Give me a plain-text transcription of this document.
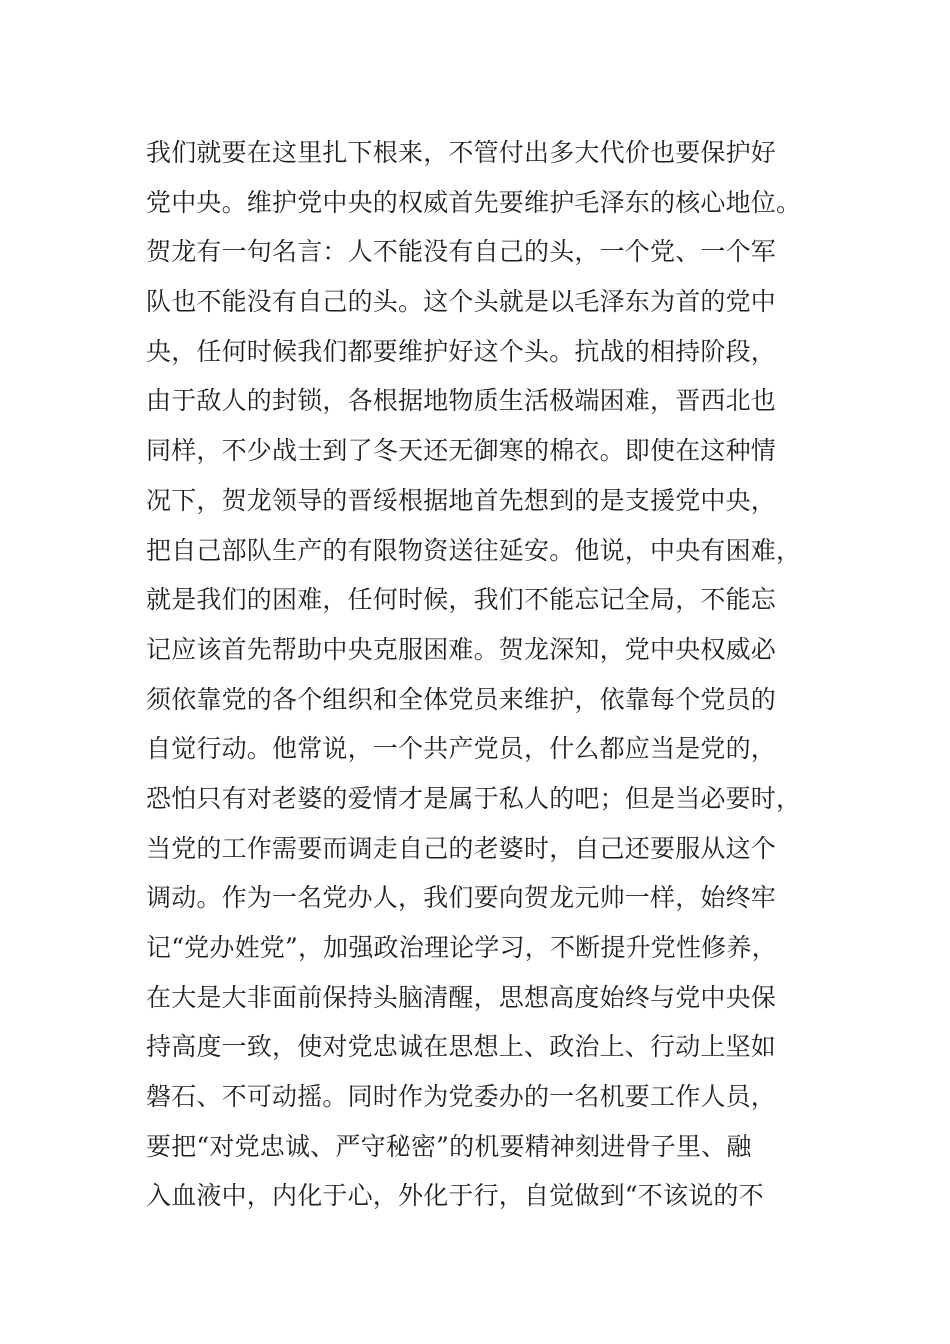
我们就要在这里扎下根来，不管付出多大代价也要保护好
党中央。维护党中央的权威首先要维护毛泽东的核心地位。
贺龙有一句名言：人不能没有自己的头，一个党、一个军
队也不能没有自己的头。这个头就是以毛泽东为首的党中
央，任何时候我们都要维护好这个头。抗战的相持阶段，
由于敌人的封锁，各根据地物质生活极端困难，晋西北也
同样，不少战士到了冬天还无御寒的棉衣。即使在这种情
况下，贺龙领导的晋绥根据地首先想到的是支援党中央，
把自己部队生产的有限物资送往延安。他说，中央有困难，
就是我们的困难，任何时候，我们不能忘记全局，不能忘
记应该首先帮助中央克服困难。贺龙深知，党中央权威必
须依靠党的各个组织和全体党员来维护，依靠每个党员的
自觉行动。他常说，一个共产党员，什么都应当是党的，
恐怕只有对老婆的爱情才是属于私人的吧；但是当必要时，
当党的工作需要而调走自己的老婆时，自己还要服从这个
调动。作为一名党办人，我们要向贺龙元帅一样，始终牢
记“党办姓党”，加强政治理论学习，不断提升党性修养，
在大是大非面前保持头脑清醒，思想高度始终与党中央保
持高度一致，使对党忠诚在思想上、政治上、行动上坚如
磐石、不可动摇。同时作为党委办的一名机要工作人员，
要把“对党忠诚、严守秘密”的机要精神刻进骨子里、融
入血液中，内化于心，外化于行，自觉做到“不该说的不
